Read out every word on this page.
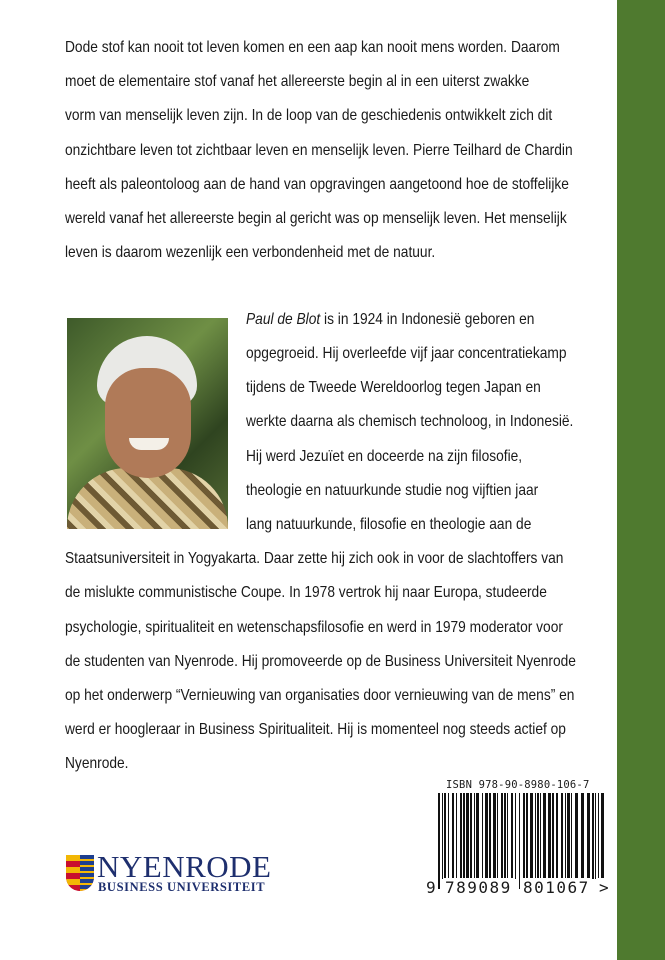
Dode stof kan nooit tot leven komen en een aap kan nooit mens worden. Daarom
moet de elementaire stof vanaf het allereerste begin al in een uiterst zwakke
vorm van menselijk leven zijn. In de loop van de geschiedenis ontwikkelt zich dit
onzichtbare leven tot zichtbaar leven en menselijk leven. Pierre Teilhard de Chardin
heeft als paleontoloog aan de hand van opgravingen aangetoond hoe de stoffelijke
wereld vanaf het allereerste begin al gericht was op menselijk leven. Het menselijk
leven is daarom wezenlijk een verbondenheid met de natuur.
Paul de Blot is in 1924 in Indonesië geboren en
opgegroeid. Hij overleefde vijf jaar concentratiekamp
tijdens de Tweede Wereldoorlog tegen Japan en
werkte daarna als chemisch technoloog, in Indonesië.
Hij werd Jezuïet en doceerde na zijn filosofie,
theologie en natuurkunde studie nog vijftien jaar
lang natuurkunde, filosofie en theologie aan de
Staatsuniversiteit in Yogyakarta. Daar zette hij zich ook in voor de slachtoffers van
de mislukte communistische Coupe. In 1978 vertrok hij naar Europa, studeerde
psychologie, spiritualiteit en wetenschapsfilosofie en werd in 1979 moderator voor
de studenten van Nyenrode. Hij promoveerde op de Business Universiteit Nyenrode
op het onderwerp “Vernieuwing van organisaties door vernieuwing van de mens” en
werd er hoogleraar in Business Spiritualiteit. Hij is momenteel nog steeds actief op
Nyenrode.
ISBN 978-90-8980-106-7
9 789089 801067 >
NYENRODE
BUSINESS UNIVERSITEIT
